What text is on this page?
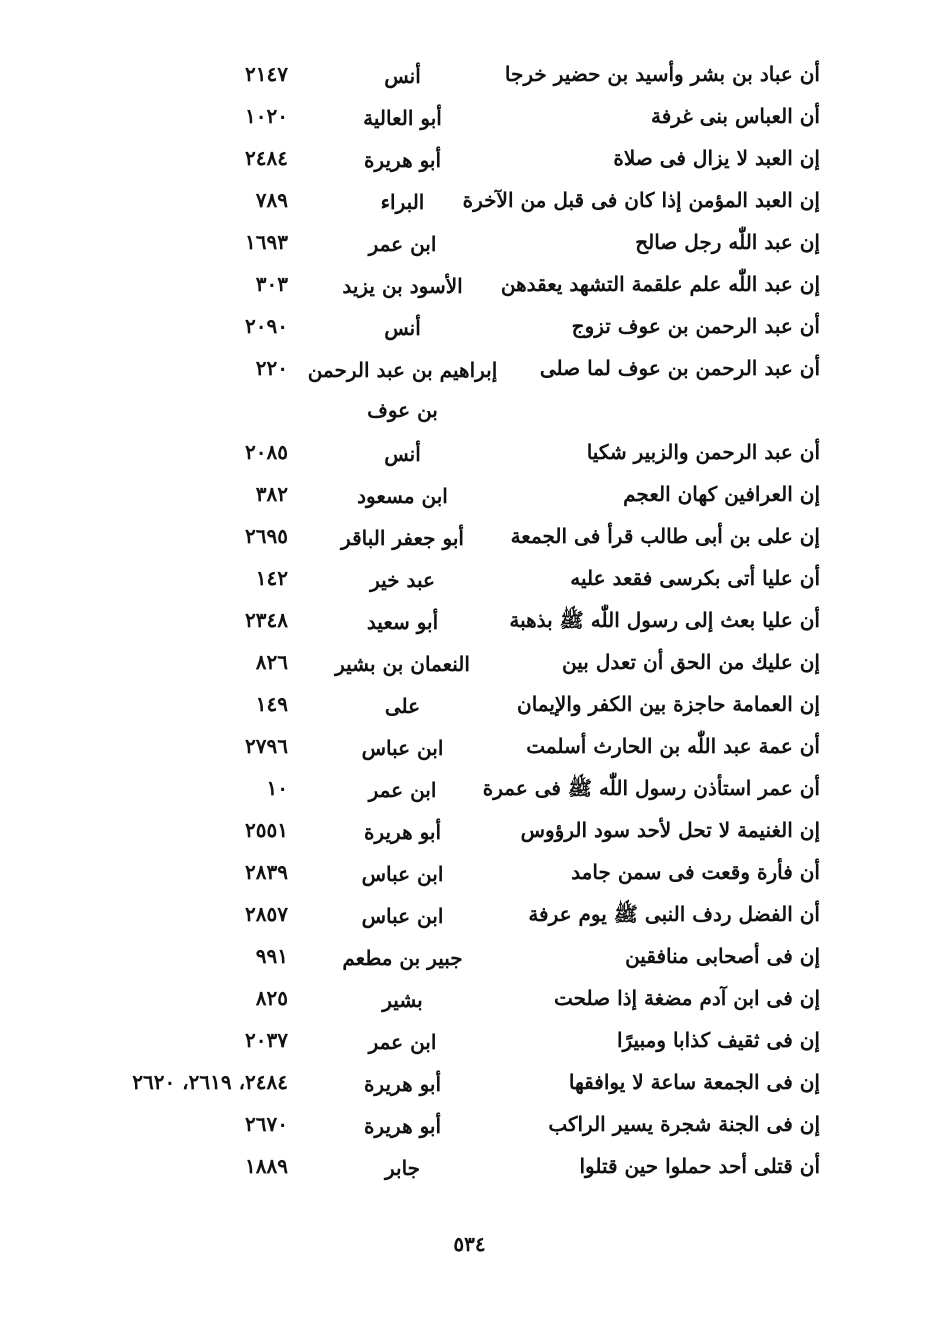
أن عباد بن بشر وأسيد بن حضير خرجا
أنس
٢١٤٧
أن العباس بنى غرفة
أبو العالية
١٠٢٠
إن العبد لا يزال فى صلاة
أبو هريرة
٢٤٨٤
إن العبد المؤمن إذا كان فى قبل من الآخرة
البراء
٧٨٩
إن عبد اللّٰه رجل صالح
ابن عمر
١٦٩٣
إن عبد اللّٰه علم علقمة التشهد يعقدهن
الأسود بن يزيد
٣٠٣
أن عبد الرحمن بن عوف تزوج
أنس
٢٠٩٠
أن عبد الرحمن بن عوف لما صلى
إبراهيم بن عبد الرحمن بن عوف
٢٢٠
أن عبد الرحمن والزبير شكيا
أنس
٢٠٨٥
إن العرافين كهان العجم
ابن مسعود
٣٨٢
إن على بن أبى طالب قرأ فى الجمعة
أبو جعفر الباقر
٢٦٩٥
أن عليا أتى بكرسى فقعد عليه
عبد خير
١٤٢
أن عليا بعث إلى رسول اللّٰه ﷺ بذهبة
أبو سعيد
٢٣٤٨
إن عليك من الحق أن تعدل بين
النعمان بن بشير
٨٢٦
إن العمامة حاجزة بين الكفر والإيمان
على
١٤٩
أن عمة عبد اللّٰه بن الحارث أسلمت
ابن عباس
٢٧٩٦
أن عمر استأذن رسول اللّٰه ﷺ فى عمرة
ابن عمر
١٠
إن الغنيمة لا تحل لأحد سود الرؤوس
أبو هريرة
٢٥٥١
أن فأرة وقعت فى سمن جامد
ابن عباس
٢٨٣٩
أن الفضل ردف النبى ﷺ يوم عرفة
ابن عباس
٢٨٥٧
إن فى أصحابى منافقين
جبير بن مطعم
٩٩١
إن فى ابن آدم مضغة إذا صلحت
بشير
٨٢٥
إن فى ثقيف كذابا ومبيرًا
ابن عمر
٢٠٣٧
إن فى الجمعة ساعة لا يوافقها
أبو هريرة
٢٤٨٤، ٢٦١٩، ٢٦٢٠
إن فى الجنة شجرة يسير الراكب
أبو هريرة
٢٦٧٠
أن قتلى أحد حملوا حين قتلوا
جابر
١٨٨٩
٥٣٤
